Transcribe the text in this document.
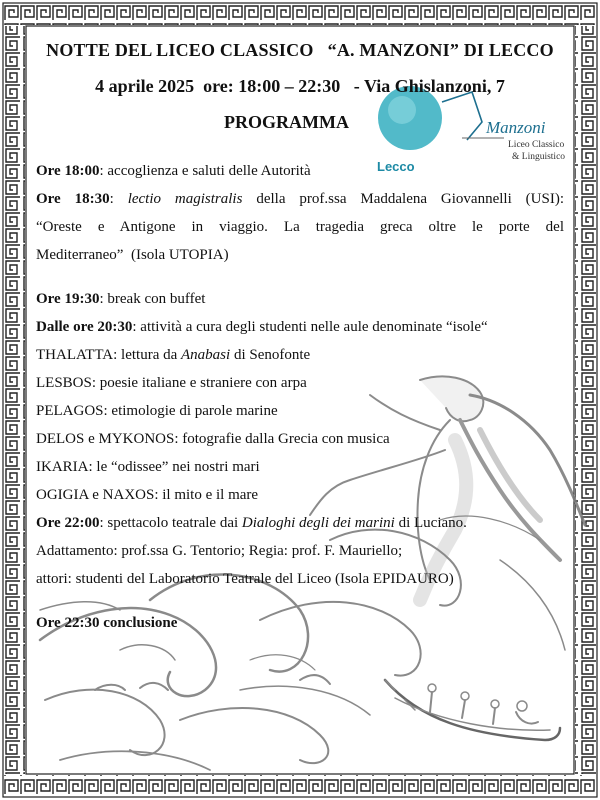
Lecco
Manzoni
Liceo Classico
& Linguistico
NOTTE DEL LICEO CLASSICO   “A. MANZONI” DI LECCO
4 aprile 2025  ore: 18:00 – 22:30   - Via Ghislanzoni, 7
PROGRAMMA
Ore 18:00: accoglienza e saluti delle Autorità
Ore 18:30: lectio magistralis della prof.ssa Maddalena Giovannelli (USI):
“Oreste e Antigone in viaggio. La tragedia greca oltre le porte del
Mediterraneo”  (Isola UTOPIA)
Ore 19:30: break con buffet
Dalle ore 20:30: attività a cura degli studenti nelle aule denominate “isole“
THALATTA: lettura da Anabasi di Senofonte
LESBOS: poesie italiane e straniere con arpa
PELAGOS: etimologie di parole marine
DELOS e MYKONOS: fotografie dalla Grecia con musica
IKARIA: le “odissee” nei nostri mari
OGIGIA e NAXOS: il mito e il mare
Ore 22:00: spettacolo teatrale dai Dialoghi degli dei marini di Luciano.
Adattamento: prof.ssa G. Tentorio; Regia: prof. F. Mauriello;
attori: studenti del Laboratorio Teatrale del Liceo (Isola EPIDAURO)
Ore 22:30 conclusione
